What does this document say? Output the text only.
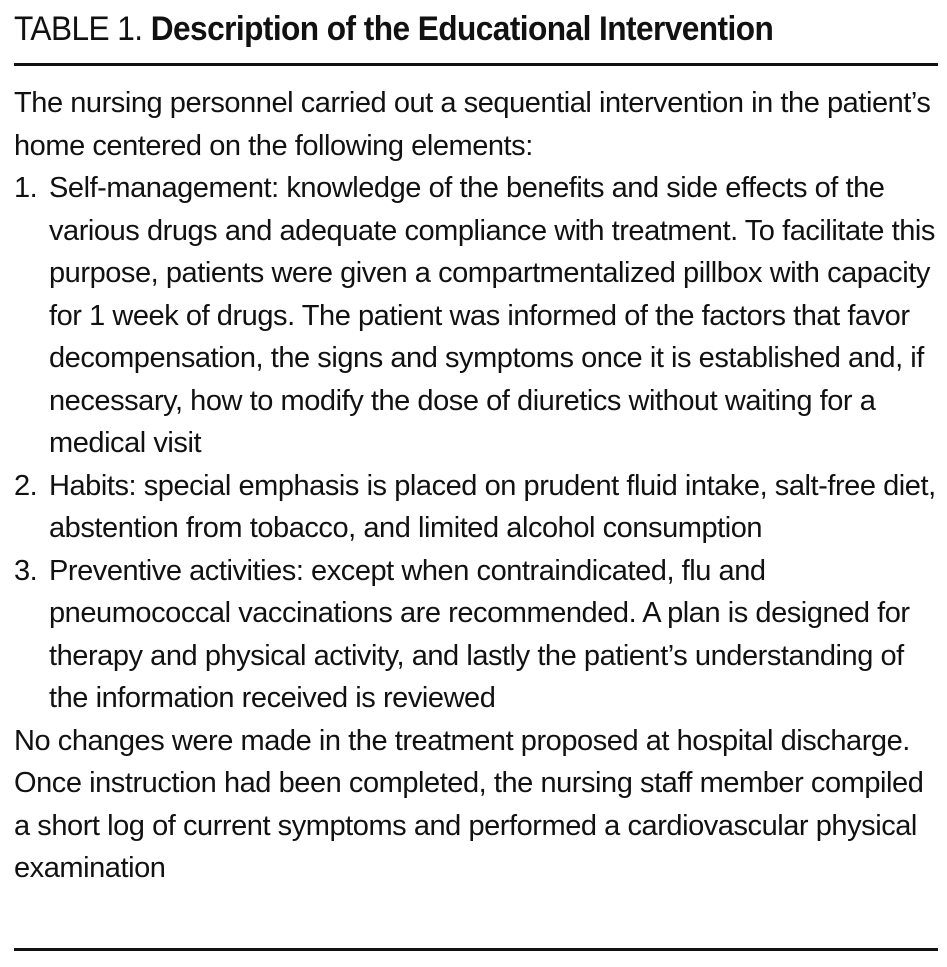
TABLE 1. Description of the Educational Intervention

The nursing personnel carried out a sequential intervention in the patient’s home centered on the following elements:

1. Self-management: knowledge of the benefits and side effects of the various drugs and adequate compliance with treatment. To facilitate this purpose, patients were given a compartmentalized pillbox with capacity for 1 week of drugs. The patient was informed of the factors that favor decompensation, the signs and symptoms once it is established and, if necessary, how to modify the dose of diuretics without waiting for a medical visit
2. Habits: special emphasis is placed on prudent fluid intake, salt-free diet, abstention from tobacco, and limited alcohol consumption
3. Preventive activities: except when contraindicated, flu and pneumococcal vaccinations are recommended. A plan is designed for therapy and physical activity, and lastly the patient’s understanding of the information received is reviewed

No changes were made in the treatment proposed at hospital discharge. Once instruction had been completed, the nursing staff member compiled a short log of current symptoms and performed a cardiovascular physical examination
